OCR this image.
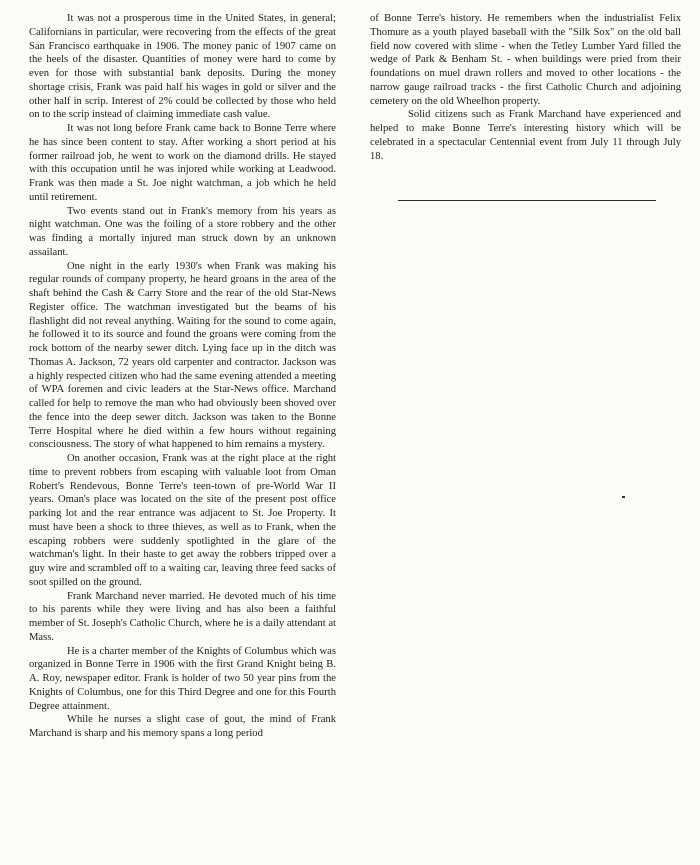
It was not a prosperous time in the United States, in general; Californians in particular, were recovering from the effects of the great San Francisco earthquake in 1906. The money panic of 1907 came on the heels of the disaster. Quantities of money were hard to come by even for those with substantial bank deposits. During the money shortage crisis, Frank was paid half his wages in gold or silver and the other half in scrip. Interest of 2% could be collected by those who held on to the scrip instead of claiming immediate cash value.

It was not long before Frank came back to Bonne Terre where he has since been content to stay. After working a short period at his former railroad job, he went to work on the diamond drills. He stayed with this occupation until he was injored while working at Leadwood. Frank was then made a St. Joe night watchman, a job which he held until retirement.

Two events stand out in Frank's memory from his years as night watchman. One was the foiling of a store robbery and the other was finding a mortally injured man struck down by an unknown assailant.

One night in the early 1930's when Frank was making his regular rounds of company property, he heard groans in the area of the shaft behind the Cash & Carry Store and the rear of the old Star-News Register office. The watchman investigated but the beams of his flashlight did not reveal anything. Waiting for the sound to come again, he followed it to its source and found the groans were coming from the rock bottom of the nearby sewer ditch. Lying face up in the ditch was Thomas A. Jackson, 72 years old carpenter and contractor. Jackson was a highly respected citizen who had the same evening attended a meeting of WPA foremen and civic leaders at the Star-News office. Marchand called for help to remove the man who had obviously been shoved over the fence into the deep sewer ditch. Jackson was taken to the Bonne Terre Hospital where he died within a few hours without regaining consciousness. The story of what happened to him remains a mystery.

On another occasion, Frank was at the right place at the right time to prevent robbers from escaping with valuable loot from Oman Robert's Rendevous, Bonne Terre's teen-town of pre-World War II years. Oman's place was located on the site of the present post office parking lot and the rear entrance was adjacent to St. Joe Property. It must have been a shock to three thieves, as well as to Frank, when the escaping robbers were suddenly spotlighted in the glare of the watchman's light. In their haste to get away the robbers tripped over a guy wire and scrambled off to a waiting car, leaving three feed sacks of soot spilled on the ground.

Frank Marchand never married. He devoted much of his time to his parents while they were living and has also been a faithful member of St. Joseph's Catholic Church, where he is a daily attendant at Mass.

He is a charter member of the Knights of Columbus which was organized in Bonne Terre in 1906 with the first Grand Knight being B. A. Roy, newspaper editor. Frank is holder of two 50 year pins from the Knights of Columbus, one for this Third Degree and one for this Fourth Degree attainment.

While he nurses a slight case of gout, the mind of Frank Marchand is sharp and his memory spans a long period

of Bonne Terre's history. He remembers when the industrialist Felix Thomure as a youth played baseball with the "Silk Sox" on the old ball field now covered with slime - when the Tetley Lumber Yard filled the wedge of Park & Benham St. - when buildings were pried from their foundations on muel drawn rollers and moved to other locations - the narrow gauge railroad tracks - the first Catholic Church and adjoining cemetery on the old Wheelhon property.

Solid citizens such as Frank Marchand have experienced and helped to make Bonne Terre's interesting history which will be celebrated in a spectacular Centennial event from July 11 through July 18.
